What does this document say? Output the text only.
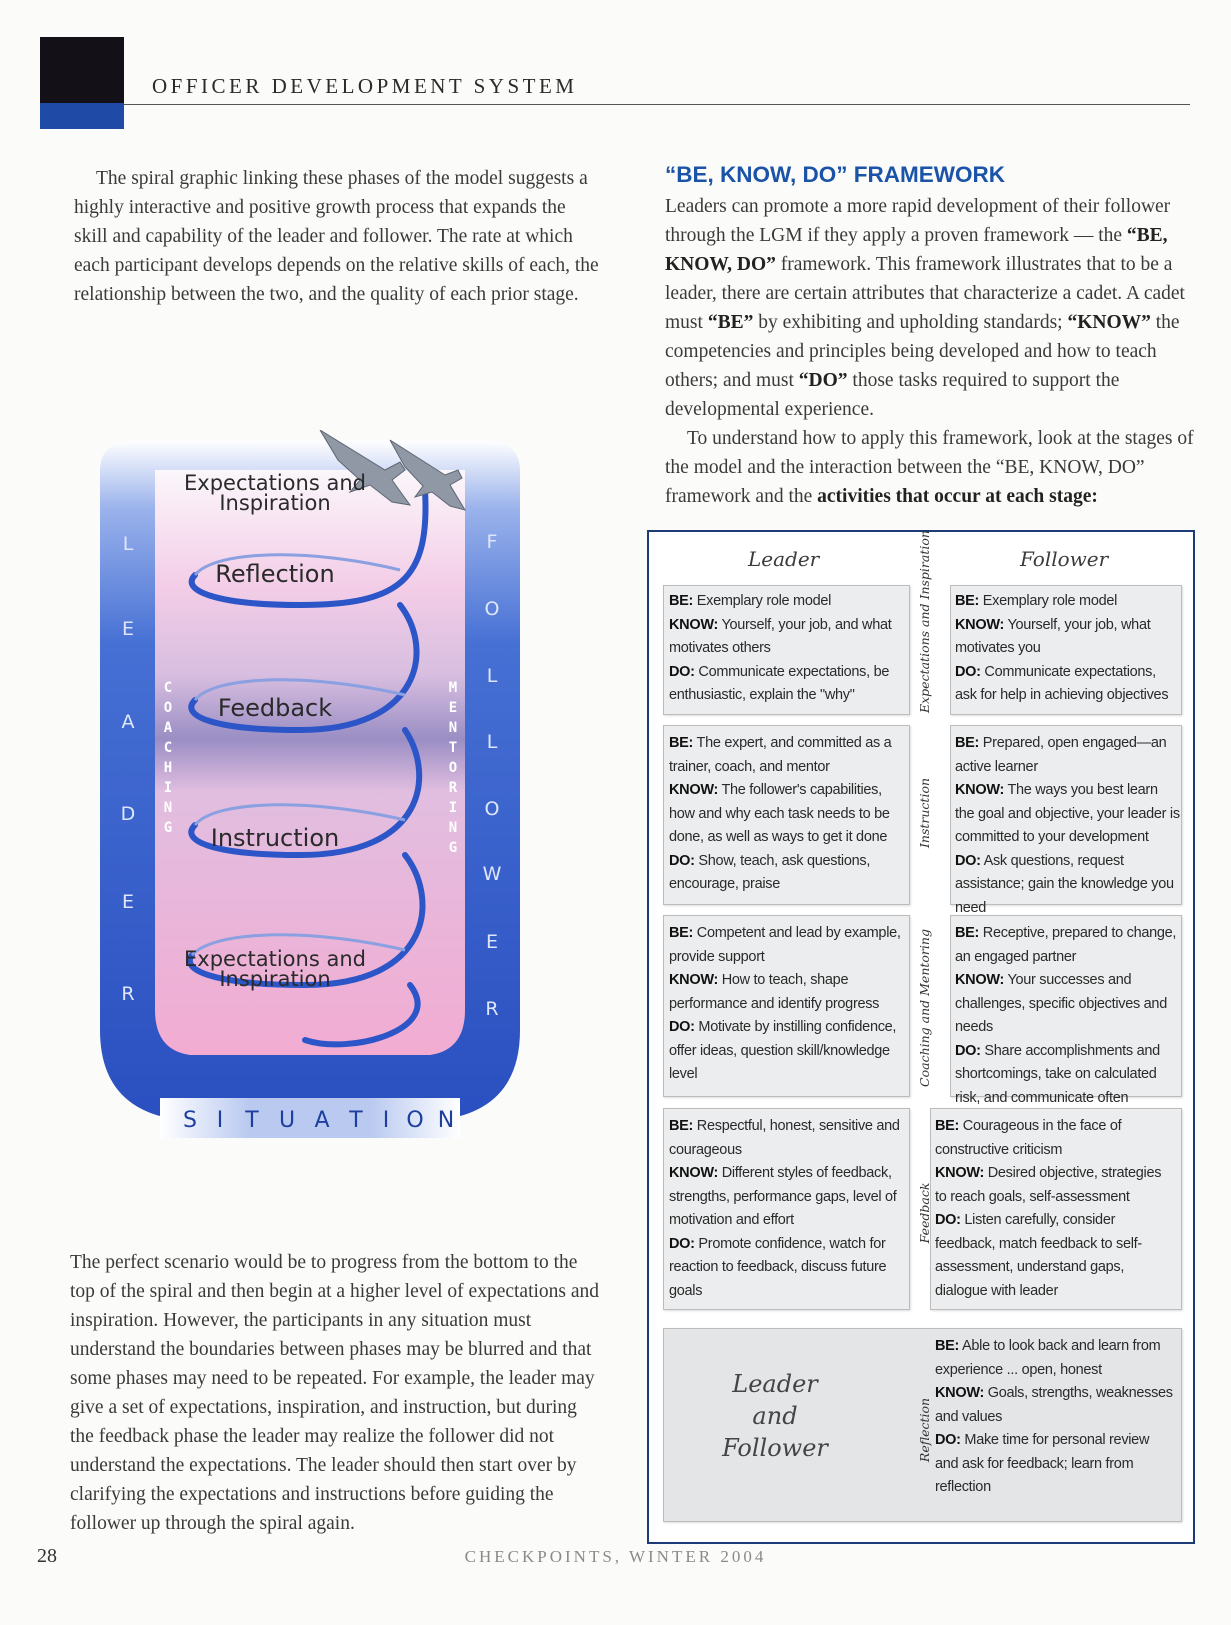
OFFICER DEVELOPMENT SYSTEM

The spiral graphic linking these phases of the model suggests a highly interactive and positive growth process that expands the skill and capability of the leader and follower. The rate at which each participant develops depends on the relative skills of each, the relationship between the two, and the quality of each prior stage.

Expectations and
Inspiration
Reflection
Feedback
Instruction
Expectations and
Inspiration
L
E
A
D
E
R
F
O
L
L
O
W
E
R
C
O
A
C
H
I
N
G
M
E
N
T
O
R
I
N
G
S I T U A T I O N

The perfect scenario would be to progress from the bottom to the top of the spiral and then begin at a higher level of expectations and inspiration. However, the participants in any situation must understand the boundaries between phases may be blurred and that some phases may need to be repeated. For example, the leader may give a set of expectations, inspiration, and instruction, but during the feedback phase the leader may realize the follower did not understand the expectations. The leader should then start over by clarifying the expectations and instructions before guiding the follower up through the spiral again.

“BE, KNOW, DO” FRAMEWORK
Leaders can promote a more rapid development of their follower through the LGM if they apply a proven framework — the “BE, KNOW, DO” framework. This framework illustrates that to be a leader, there are certain attributes that characterize a cadet. A cadet must “BE” by exhibiting and upholding standards; “KNOW” the competencies and principles being developed and how to teach others; and must “DO” those tasks required to support the developmental experience.
To understand how to apply this framework, look at the stages of the model and the interaction between the “BE, KNOW, DO” framework and the activities that occur at each stage:
Leader	Follower
BE: Exemplary role model
KNOW: Yourself, your job, and what motivates others
DO: Communicate expectations, be enthusiastic, explain the "why"
BE: Exemplary role model
KNOW: Yourself, your job, what motivates you
DO: Communicate expectations, ask for help in achieving objectives
Expectations and Inspiration
BE: The expert, and committed as a trainer, coach, and mentor
KNOW: The follower's capabilities, how and why each task needs to be done, as well as ways to get it done
DO: Show, teach, ask questions, encourage, praise
BE: Prepared, open engaged—an active learner
KNOW: The ways you best learn the goal and objective, your leader is committed to your development
DO: Ask questions, request assistance; gain the knowledge you need
Instruction
BE: Competent and lead by example, provide support
KNOW: How to teach, shape performance and identify progress
DO: Motivate by instilling confidence, offer ideas, question skill/knowledge level
BE: Receptive, prepared to change, an engaged partner
KNOW: Your successes and challenges, specific objectives and needs
DO: Share accomplishments and shortcomings, take on calculated risk, and communicate often
Coaching and Mentoring
BE: Respectful, honest, sensitive and courageous
KNOW: Different styles of feedback, strengths, performance gaps, level of motivation and effort
DO: Promote confidence, watch for reaction to feedback, discuss future goals
BE: Courageous in the face of constructive criticism
KNOW: Desired objective, strategies to reach goals, self-assessment
DO: Listen carefully, consider feedback, match feedback to self-assessment, understand gaps, dialogue with leader
Feedback
Leader
and
Follower
BE: Able to look back and learn from experience ... open, honest
KNOW: Goals, strengths, weaknesses and values
DO: Make time for personal review and ask for feedback; learn from reflection
Reflection
28	CHECKPOINTS, WINTER 2004
